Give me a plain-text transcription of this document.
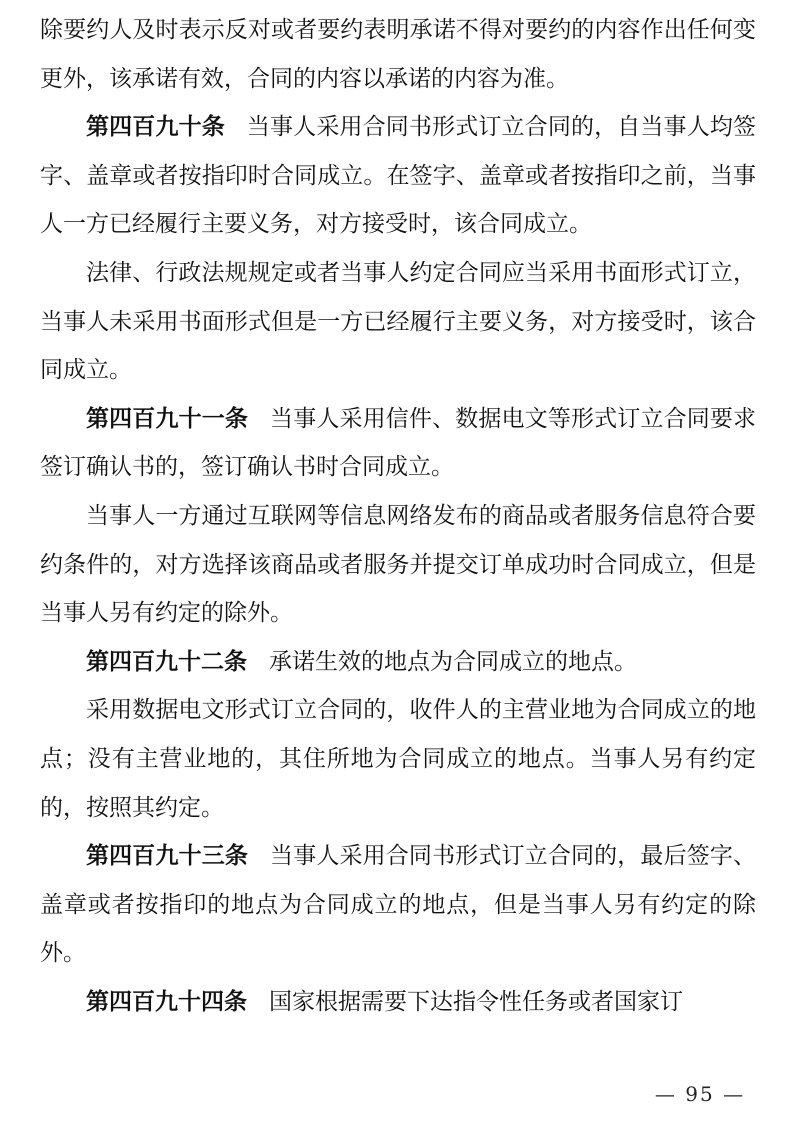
除要约人及时表示反对或者要约表明承诺不得对要约的内容作出任何变更外，该承诺有效，合同的内容以承诺的内容为准。

第四百九十条 当事人采用合同书形式订立合同的，自当事人均签字、盖章或者按指印时合同成立。在签字、盖章或者按指印之前，当事人一方已经履行主要义务，对方接受时，该合同成立。

法律、行政法规规定或者当事人约定合同应当采用书面形式订立，当事人未采用书面形式但是一方已经履行主要义务，对方接受时，该合同成立。

第四百九十一条 当事人采用信件、数据电文等形式订立合同要求签订确认书的，签订确认书时合同成立。

当事人一方通过互联网等信息网络发布的商品或者服务信息符合要约条件的，对方选择该商品或者服务并提交订单成功时合同成立，但是当事人另有约定的除外。

第四百九十二条 承诺生效的地点为合同成立的地点。

采用数据电文形式订立合同的，收件人的主营业地为合同成立的地点；没有主营业地的，其住所地为合同成立的地点。当事人另有约定的，按照其约定。

第四百九十三条 当事人采用合同书形式订立合同的，最后签字、盖章或者按指印的地点为合同成立的地点，但是当事人另有约定的除外。

第四百九十四条 国家根据需要下达指令性任务或者国家订

— 95 —
